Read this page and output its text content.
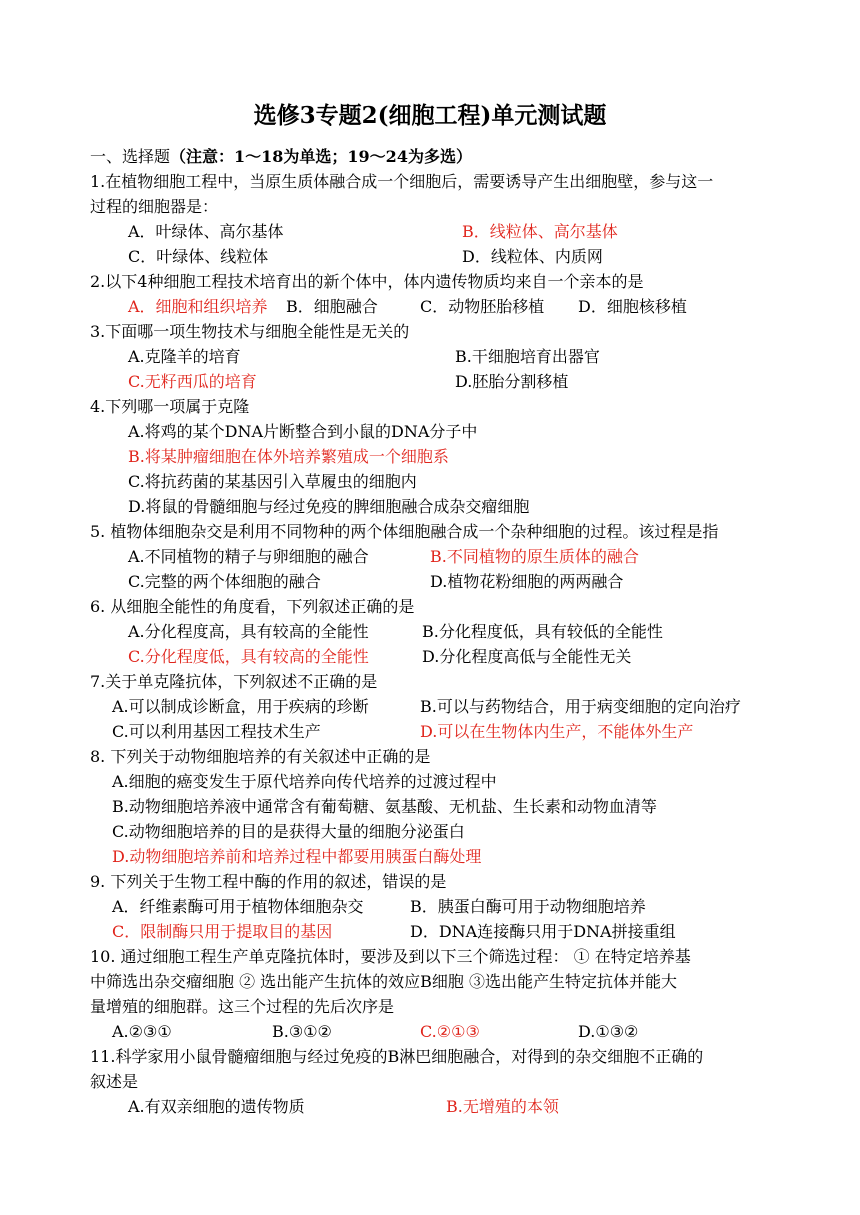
选修3专题2(细胞工程)单元测试题
一、选择题（注意：1～18为单选；19～24为多选）
1.在植物细胞工程中，当原生质体融合成一个细胞后，需要诱导产生出细胞壁，参与这一
过程的细胞器是：
A．叶绿体、高尔基体	B．线粒体、高尔基体
C．叶绿体、线粒体	D．线粒体、内质网
2.以下4种细胞工程技术培育出的新个体中，体内遗传物质均来自一个亲本的是
A．细胞和组织培养 B．细胞融合	C．动物胚胎移植 D．细胞核移植
3.下面哪一项生物技术与细胞全能性是无关的
A.克隆羊的培育	B.干细胞培育出器官
C.无籽西瓜的培育	D.胚胎分割移植
4.下列哪一项属于克隆
A.将鸡的某个DNA片断整合到小鼠的DNA分子中
B.将某肿瘤细胞在体外培养繁殖成一个细胞系
C.将抗药菌的某基因引入草履虫的细胞内
D.将鼠的骨髓细胞与经过免疫的脾细胞融合成杂交瘤细胞
5. 植物体细胞杂交是利用不同物种的两个体细胞融合成一个杂种细胞的过程。该过程是指
A.不同植物的精子与卵细胞的融合	B.不同植物的原生质体的融合
C.完整的两个体细胞的融合	D.植物花粉细胞的两两融合
6. 从细胞全能性的角度看，下列叙述正确的是
A.分化程度高，具有较高的全能性	B.分化程度低，具有较低的全能性
C.分化程度低，具有较高的全能性	D.分化程度高低与全能性无关
7.关于单克隆抗体，下列叙述不正确的是
A.可以制成诊断盒，用于疾病的珍断	B.可以与药物结合，用于病变细胞的定向治疗
C.可以利用基因工程技术生产	D.可以在生物体内生产，不能体外生产
8. 下列关于动物细胞培养的有关叙述中正确的是
A.细胞的癌变发生于原代培养向传代培养的过渡过程中
B.动物细胞培养液中通常含有葡萄糖、氨基酸、无机盐、生长素和动物血清等
C.动物细胞培养的目的是获得大量的细胞分泌蛋白
D.动物细胞培养前和培养过程中都要用胰蛋白酶处理
9. 下列关于生物工程中酶的作用的叙述，错误的是
A．纤维素酶可用于植物体细胞杂交	B．胰蛋白酶可用于动物细胞培养
C．限制酶只用于提取目的基因	D．DNA连接酶只用于DNA拼接重组
10. 通过细胞工程生产单克隆抗体时，要涉及到以下三个筛选过程： ① 在特定培养基
中筛选出杂交瘤细胞 ② 选出能产生抗体的效应B细胞 ③选出能产生特定抗体并能大
量增殖的细胞群。这三个过程的先后次序是
A.②③①	B.③①②	C.②①③	D.①③②
11.科学家用小鼠骨髓瘤细胞与经过免疫的B淋巴细胞融合，对得到的杂交细胞不正确的
叙述是
A.有双亲细胞的遗传物质	B.无增殖的本领
